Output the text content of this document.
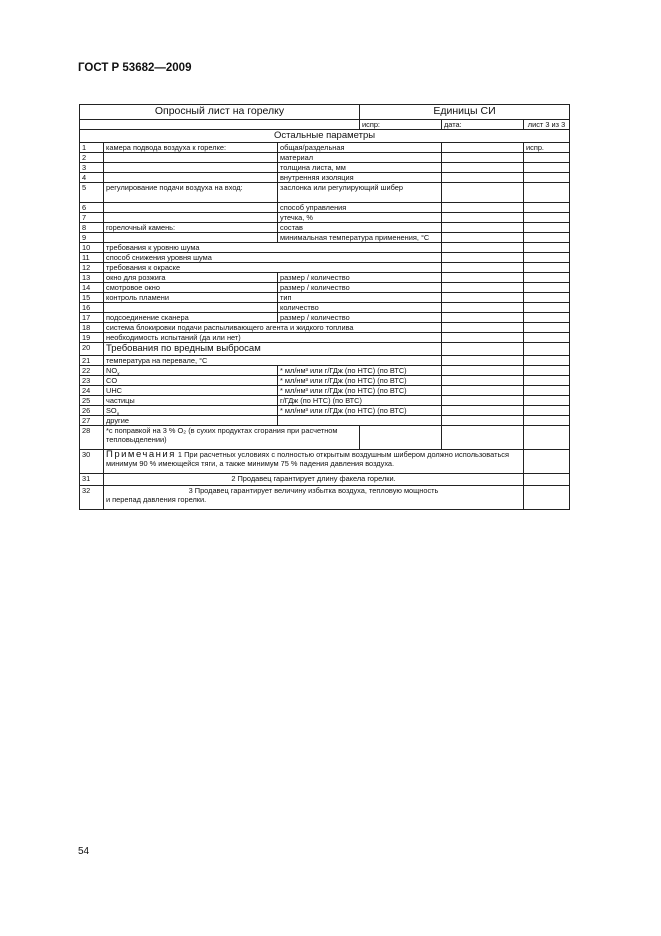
ГОСТ Р 53682—2009
Опросный лист на горелку			Единицы СИ		
			испр:	дата:	лист 3 из 3
Остальные параметры					
1	камера подвода воздуха к горелке:	общая/раздельная			испр.
2		материал			
3		толщина листа, мм			
4		внутренняя изоляция			
5	регулирование подачи воздуха на вход:	заслонка или регулирующий шибер			
6		способ управления			
7		утечка, %			
8	горелочный камень:	состав			
9		минимальная температура применения, °С			
10	требования к уровню шума				
11	способ снижения уровня шума				
12	требования к окраске				
13	окно для розжига	размер / количество			
14	смотровое окно	размер / количество			
15	контроль пламени	тип			
16		количество			
17	подсоединение сканера	размер / количество			
18	система блокировки подачи распыливающего агента и жидкого топлива				
19	необходимость испытаний (да или нет)				
20	Требования по вредным выбросам				
21	температура на перевале, °С				
22	$NO_x$	* мл/нм³ или г/ГДж (по НТС) (по ВТС)			
23	CO	* мл/нм³ или г/ГДж (по НТС) (по ВТС)			
24	UHC	* мл/нм³ или г/ГДж (по НТС) (по ВТС)			
25	частицы	г/ГДж (по НТС) (по ВТС)			
26	$SO_x$	* мл/нм³ или г/ГДж (по НТС) (по ВТС)			
27	другие				
28	*с поправкой на 3 % O₂ (в сухих продуктах сгорания при расчетном тепловыделении)				
30	Примечания 1 При расчетных условиях с полностью открытым воздушным шибером должно использоваться минимум 90 % имеющейся тяги, а также минимум 75 % падения давления воздуха.				
31	2 Продавец гарантирует длину факела горелки.				
32	3 Продавец гарантирует величину избытка воздуха, тепловую мощность
и перепад давления горелки.				

54
